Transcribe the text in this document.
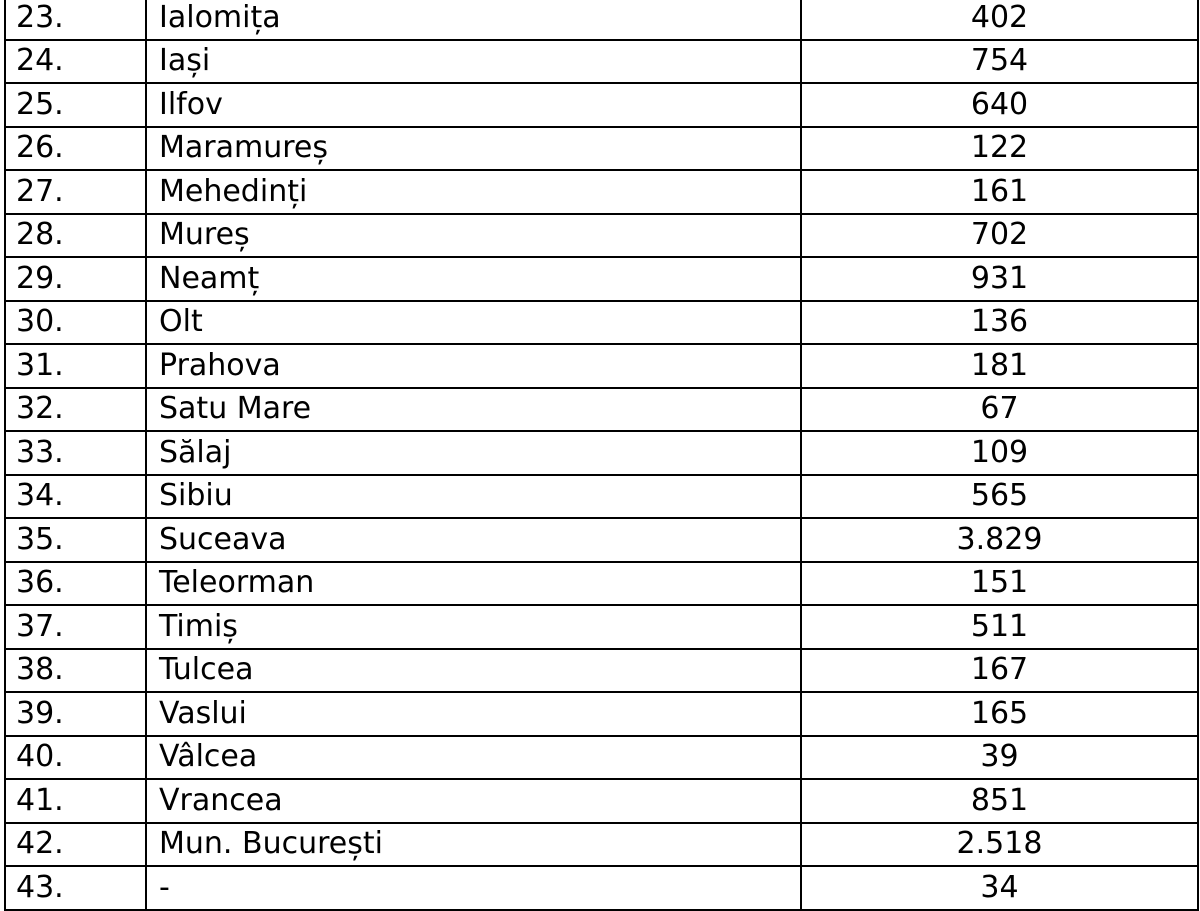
23.	Ialomița	402
24.	Iași	754
25.	Ilfov	640
26.	Maramureș	122
27.	Mehedinți	161
28.	Mureș	702
29.	Neamț	931
30.	Olt	136
31.	Prahova	181
32.	Satu Mare	67
33.	Sălaj	109
34.	Sibiu	565
35.	Suceava	3.829
36.	Teleorman	151
37.	Timiș	511
38.	Tulcea	167
39.	Vaslui	165
40.	Vâlcea	39
41.	Vrancea	851
42.	Mun. București	2.518
43.	-	34
